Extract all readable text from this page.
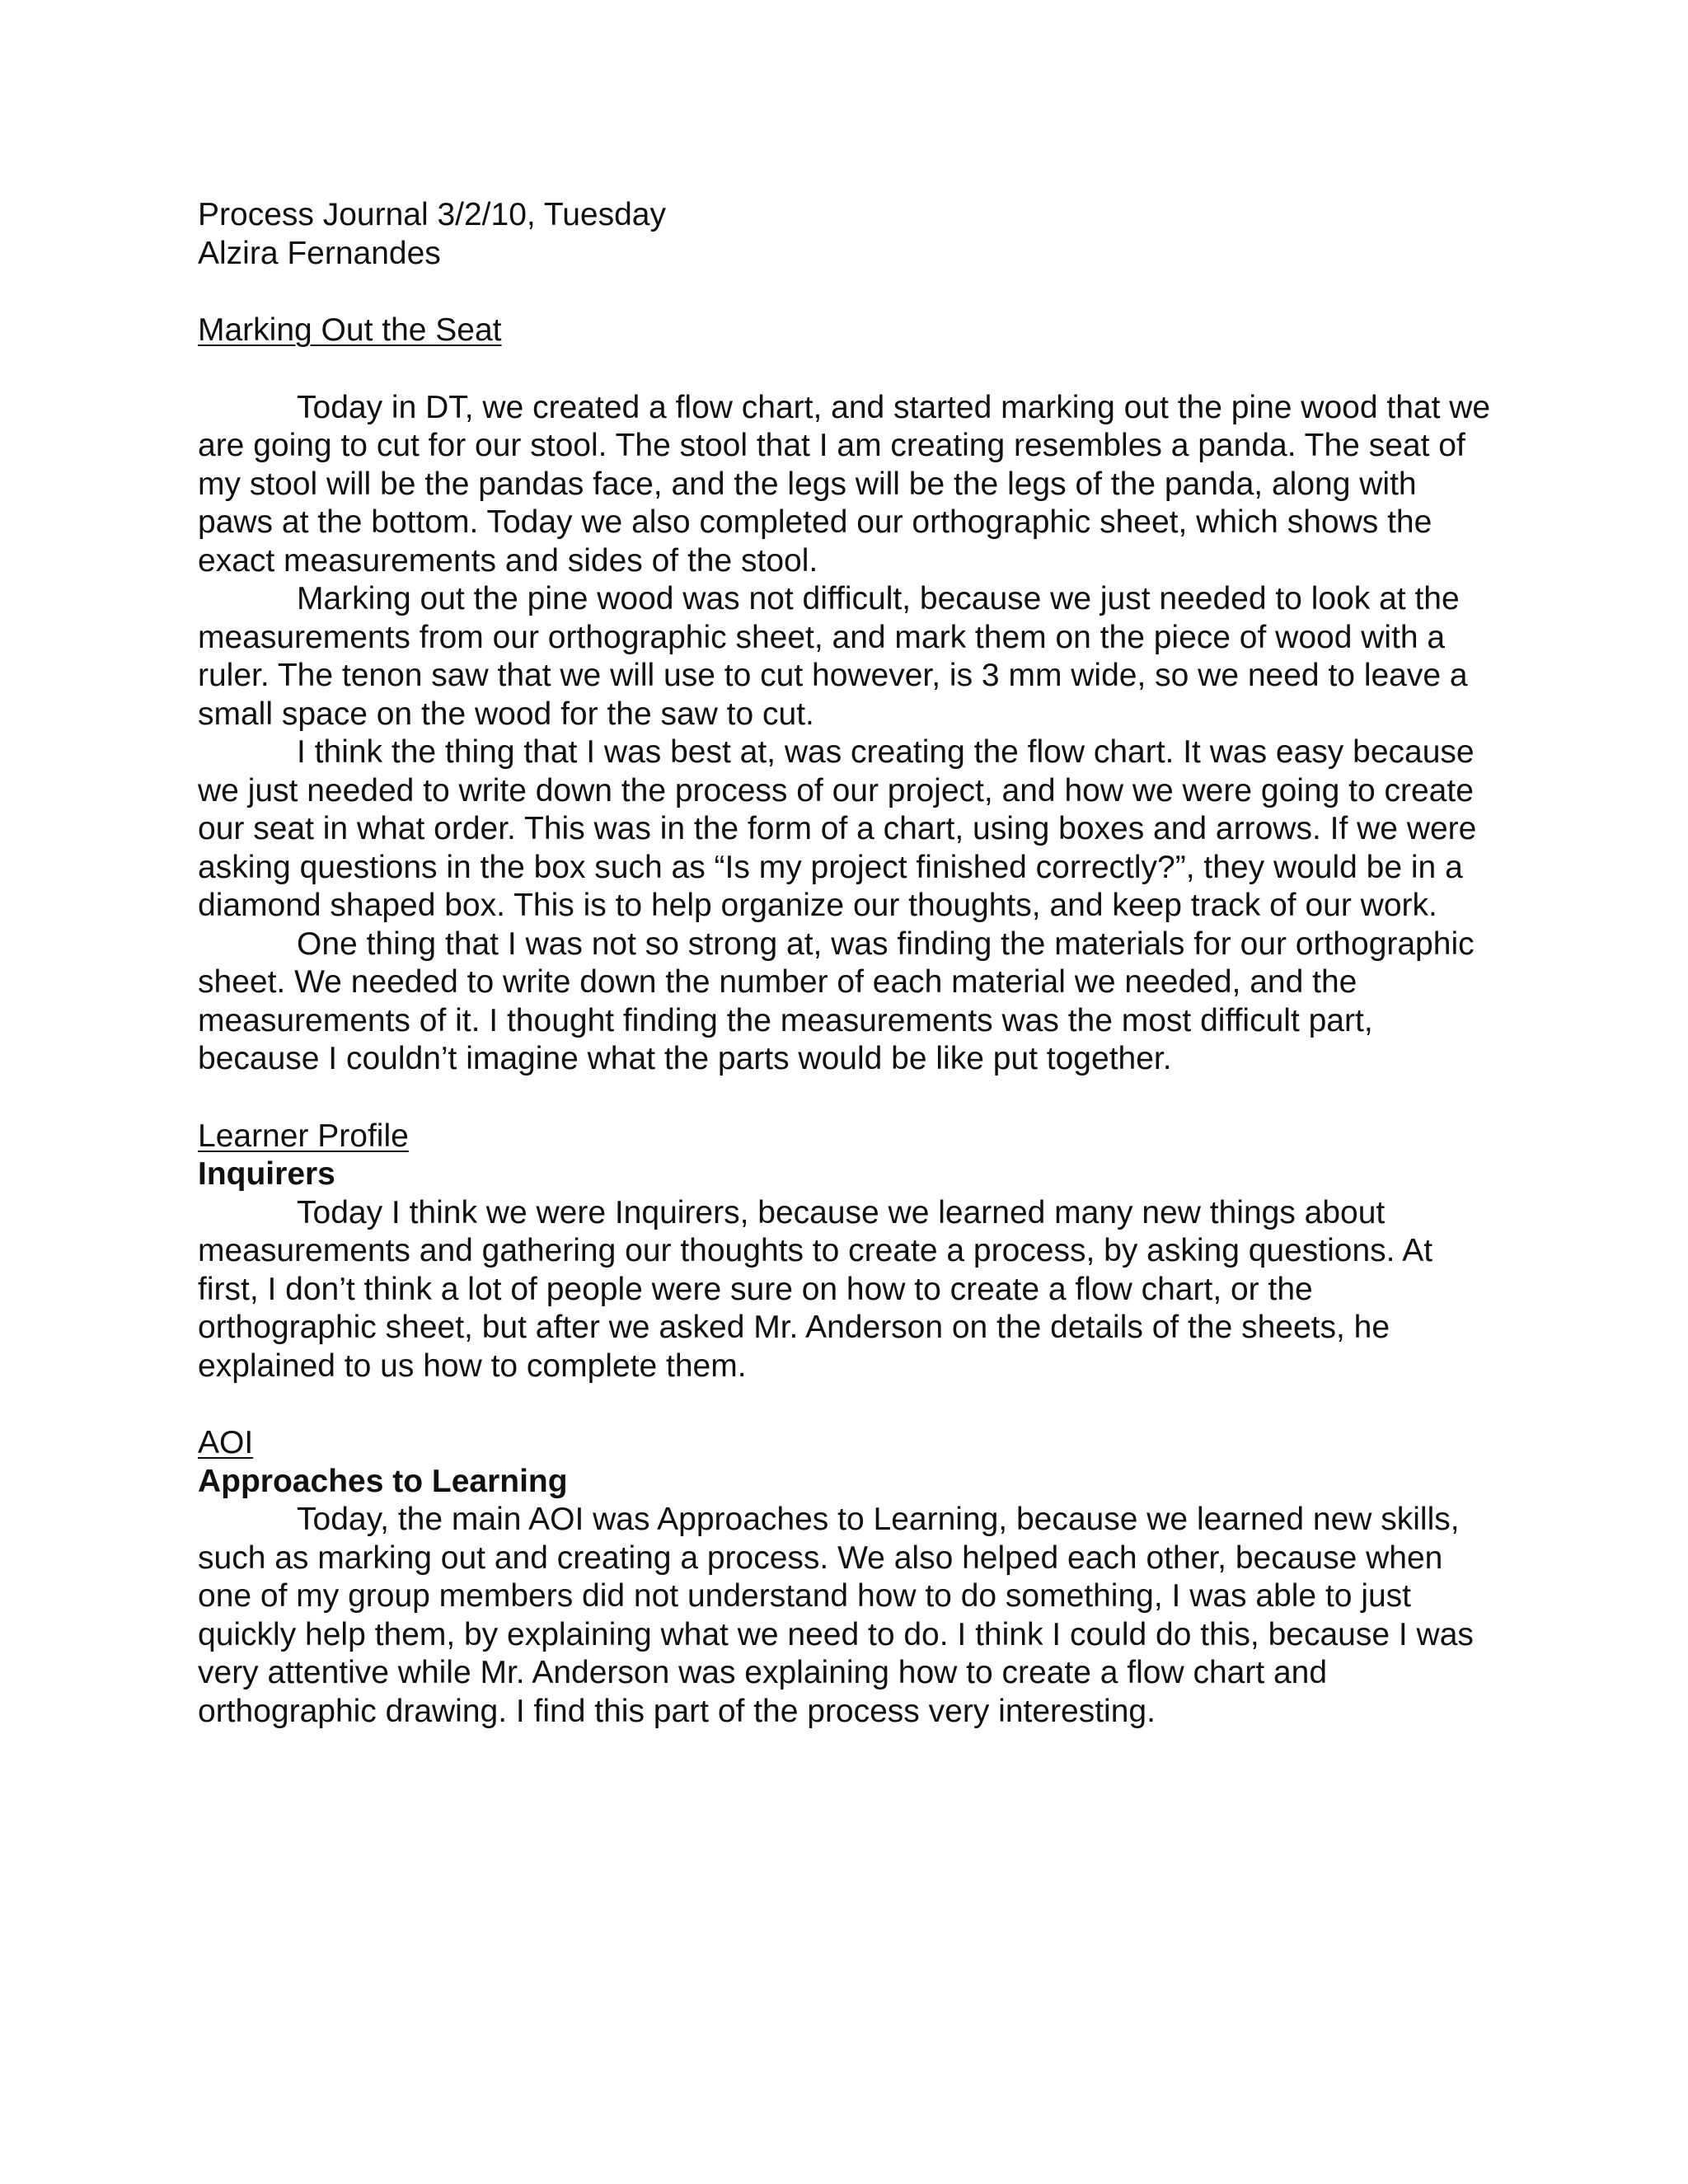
Process Journal 3/2/10, Tuesday
Alzira Fernandes
Marking Out the Seat

Today in DT, we created a flow chart, and started marking out the pine wood that we are going to cut for our stool. The stool that I am creating resembles a panda. The seat of my stool will be the pandas face, and the legs will be the legs of the panda, along with paws at the bottom. Today we also completed our orthographic sheet, which shows the exact measurements and sides of the stool.

Marking out the pine wood was not difficult, because we just needed to look at the measurements from our orthographic sheet, and mark them on the piece of wood with a ruler. The tenon saw that we will use to cut however, is 3 mm wide, so we need to leave a small space on the wood for the saw to cut.

I think the thing that I was best at, was creating the flow chart. It was easy because we just needed to write down the process of our project, and how we were going to create our seat in what order. This was in the form of a chart, using boxes and arrows. If we were asking questions in the box such as “Is my project finished correctly?”, they would be in a diamond shaped box. This is to help organize our thoughts, and keep track of our work.

One thing that I was not so strong at, was finding the materials for our orthographic sheet. We needed to write down the number of each material we needed, and the measurements of it. I thought finding the measurements was the most difficult part, because I couldn’t imagine what the parts would be like put together.

Learner Profile
Inquirers

Today I think we were Inquirers, because we learned many new things about measurements and gathering our thoughts to create a process, by asking questions. At first, I don’t think a lot of people were sure on how to create a flow chart, or the orthographic sheet, but after we asked Mr. Anderson on the details of the sheets, he explained to us how to complete them.

AOI
Approaches to Learning

Today, the main AOI was Approaches to Learning, because we learned new skills, such as marking out and creating a process. We also helped each other, because when one of my group members did not understand how to do something, I was able to just quickly help them, by explaining what we need to do. I think I could do this, because I was very attentive while Mr. Anderson was explaining how to create a flow chart and orthographic drawing. I find this part of the process very interesting.
